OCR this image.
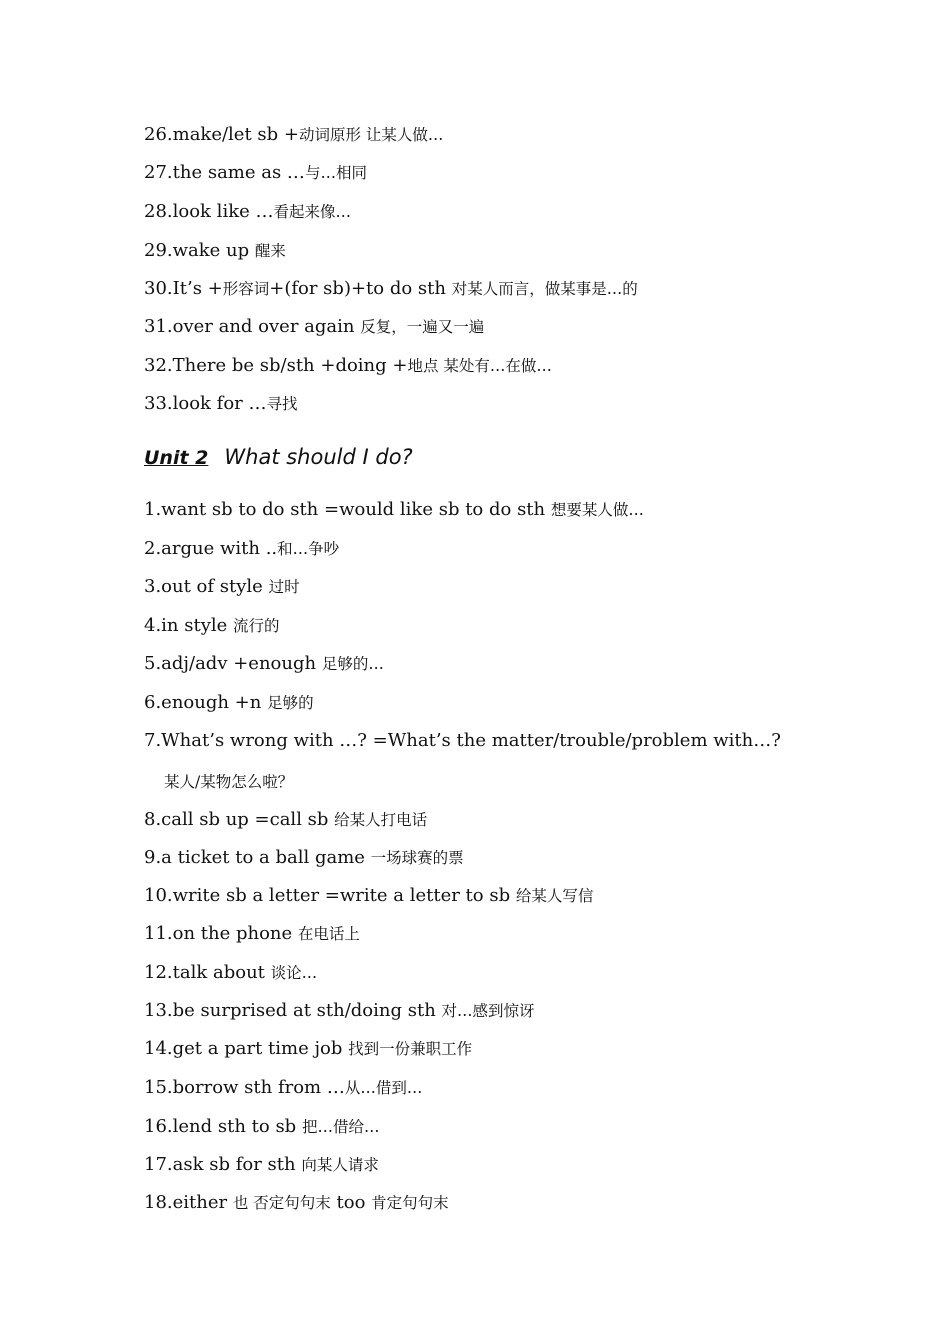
26.make/let sb +动词原形 让某人做…
27.the same as …与…相同
28.look like …看起来像…
29.wake up 醒来
30.It’s +形容词+(for sb)+to do sth 对某人而言，做某事是…的
31.over and over again 反复，一遍又一遍
32.There be sb/sth +doing +地点 某处有…在做…
33.look for …寻找
Unit 2 What should I do?
1.want sb to do sth =would like sb to do sth 想要某人做…
2.argue with ..和…争吵
3.out of style 过时
4.in style 流行的
5.adj/adv +enough 足够的…
6.enough +n 足够的
7.What’s wrong with …? =What’s the matter/trouble/problem with…?
某人/某物怎么啦？
8.call sb up =call sb 给某人打电话
9.a ticket to a ball game 一场球赛的票
10.write sb a letter =write a letter to sb 给某人写信
11.on the phone 在电话上
12.talk about 谈论…
13.be surprised at sth/doing sth 对…感到惊讶
14.get a part time job 找到一份兼职工作
15.borrow sth from …从…借到…
16.lend sth to sb 把…借给…
17.ask sb for sth 向某人请求
18.either 也 否定句句末 too 肯定句句末
